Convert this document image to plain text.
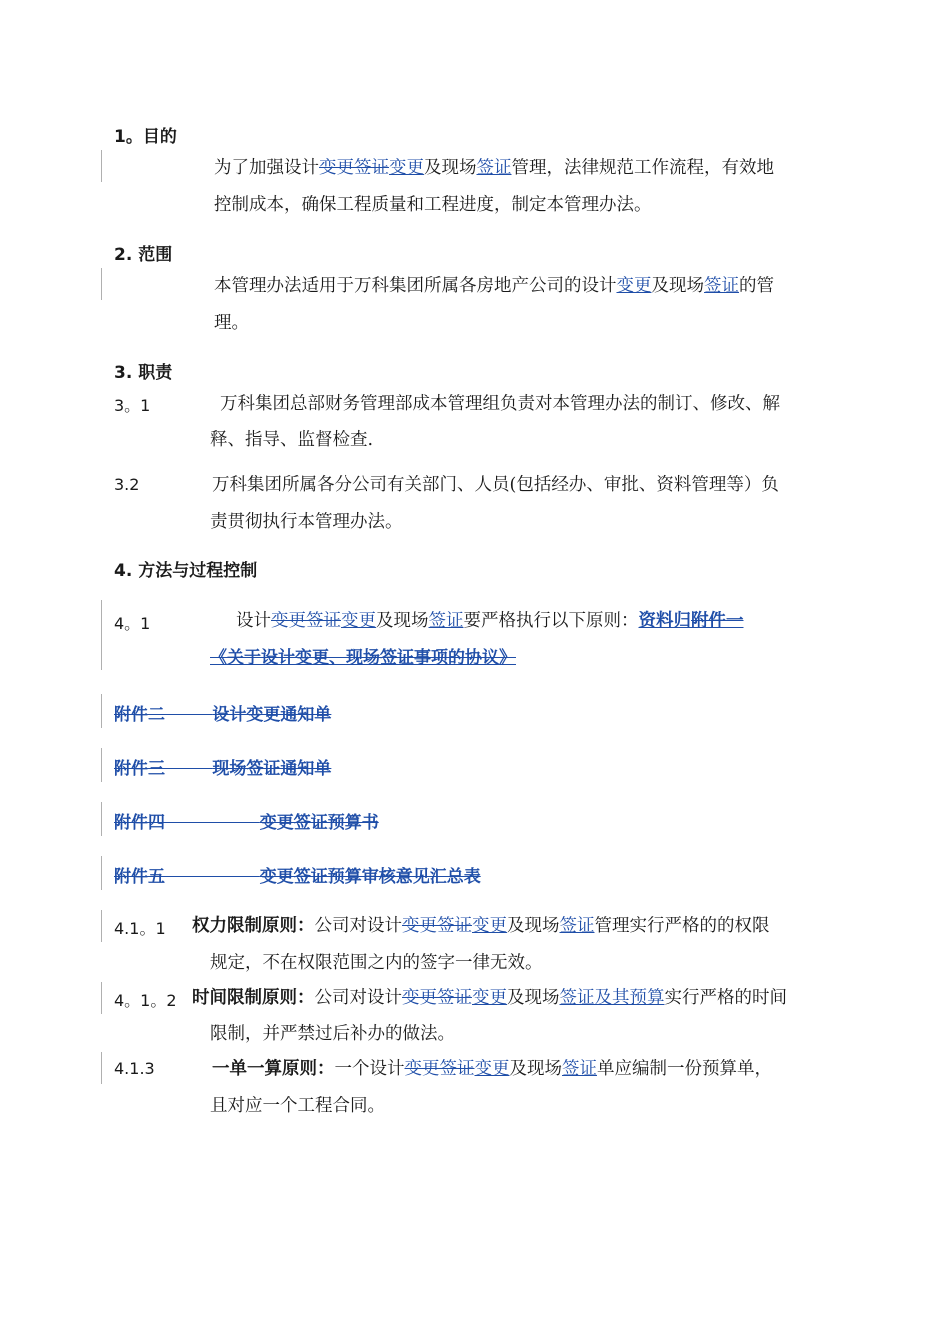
1。目的
为了加强设计变更签证变更及现场签证管理，法律规范工作流程，有效地
控制成本，确保工程质量和工程进度，制定本管理办法。
2. 范围
本管理办法适用于万科集团所属各房地产公司的设计变更及现场签证的管
理。
3. 职责
3。1	万科集团总部财务管理部成本管理组负责对本管理办法的制订、修改、解
释、指导、监督检查.
3.2	万科集团所属各分公司有关部门、人员(包括经办、审批、资料管理等）负
责贯彻执行本管理办法。
4. 方法与过程控制
4。1	设计变更签证变更及现场签证要严格执行以下原则：资料归附件一
《关于设计变更、现场签证事项的协议》
附件二	设计变更通知单
附件三	现场签证通知单
附件四	变更签证预算书
附件五	变更签证预算审核意见汇总表
4.1。1 权力限制原则：公司对设计变更签证变更及现场签证管理实行严格的的权限
规定，不在权限范围之内的签字一律无效。
4。1。2 时间限制原则：公司对设计变更签证变更及现场签证及其预算实行严格的时间
限制，并严禁过后补办的做法。
4.1.3	一单一算原则：一个设计变更签证变更及现场签证单应编制一份预算单，
且对应一个工程合同。
